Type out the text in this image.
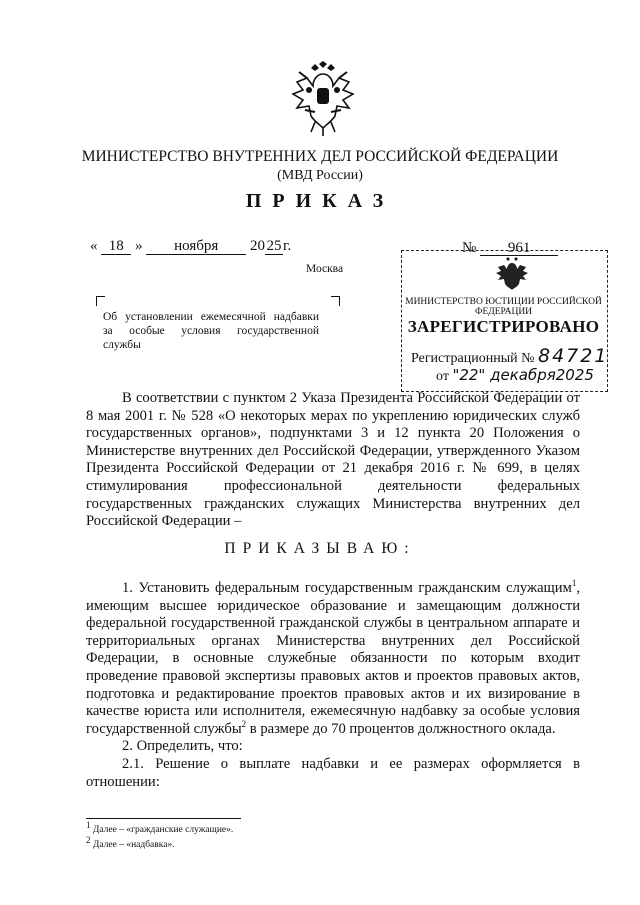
МИНИСТЕРСТВО ВНУТРЕННИХ ДЕЛ РОССИЙСКОЙ ФЕДЕРАЦИИ
(МВД России)
ПРИКАЗ
« 18 » ноября 20 25 г.	№ 961
Москва
Об установлении ежемесячной надбавки
за особые условия государственной
службы
МИНИСТЕРСТВО ЮСТИЦИИ РОССИЙСКОЙ ФЕДЕРАЦИИ
ЗАРЕГИСТРИРОВАНО
Регистрационный № 84721
от "22" декабря2025
В соответствии с пунктом 2 Указа Президента Российской Федерации от 8 мая 2001 г. № 528 «О некоторых мерах по укреплению юридических служб государственных органов», подпунктами 3 и 12 пункта 20 Положения о Министерстве внутренних дел Российской Федерации, утвержденного Указом Президента Российской Федерации от 21 декабря 2016 г. № 699, в целях стимулирования профессиональной деятельности федеральных государственных гражданских служащих Министерства внутренних дел Российской Федерации –
ПРИКАЗЫВАЮ:
1. Установить федеральным государственным гражданским служащим$^1$, имеющим высшее юридическое образование и замещающим должности федеральной государственной гражданской службы в центральном аппарате и территориальных органах Министерства внутренних дел Российской Федерации, в основные служебные обязанности по которым входит проведение правовой экспертизы правовых актов и проектов правовых актов, подготовка и редактирование проектов правовых актов и их визирование в качестве юриста или исполнителя, ежемесячную надбавку за особые условия государственной службы$^2$ в размере до 70 процентов должностного оклада.
2. Определить, что:
2.1. Решение о выплате надбавки и ее размерах оформляется в отношении:
$^1$ Далее – «гражданские служащие».
$^2$ Далее – «надбавка».
